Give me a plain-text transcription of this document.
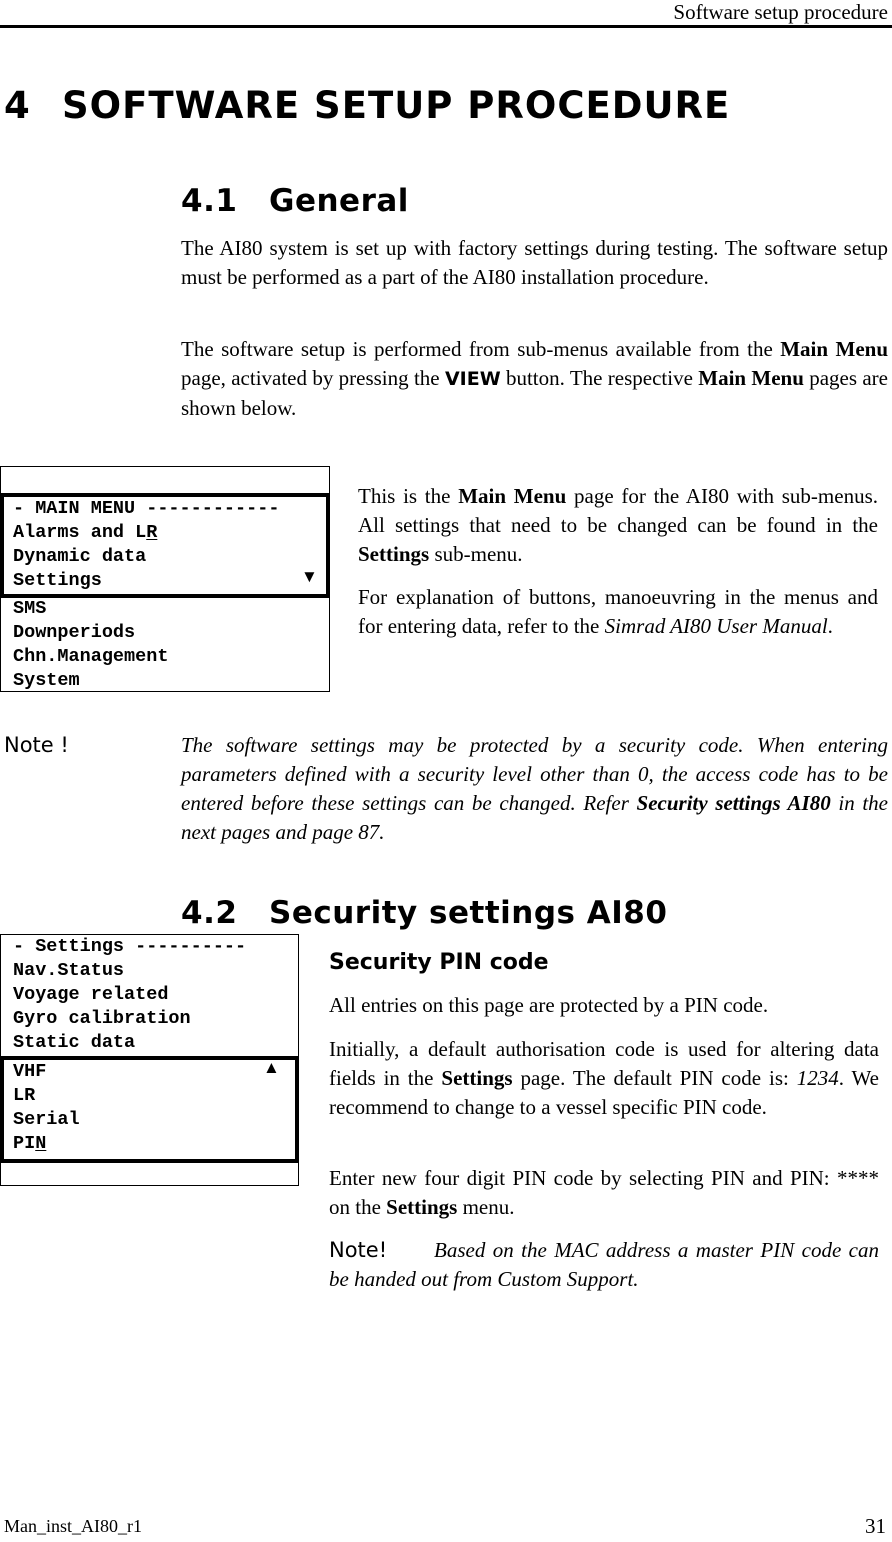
Software setup procedure
4 SOFTWARE SETUP PROCEDURE
4.1 General
The AI80 system is set up with factory settings during testing. The software setup must be performed as a part of the AI80 installation procedure.
The software setup is performed from sub-menus available from the Main Menu page, activated by pressing the VIEW button. The respective Main Menu pages are shown below.
- MAIN MENU ------------
Alarms and LR
Dynamic data
Settings	▼
SMS
Downperiods
Chn.Management
System
This is the Main Menu page for the AI80 with sub-menus. All settings that need to be changed can be found in the Settings sub-menu.
For explanation of buttons, manoeuvring in the menus and for entering data, refer to the Simrad AI80 User Manual.
Note !	The software settings may be protected by a security code. When entering parameters defined with a security level other than 0, the access code has to be entered before these settings can be changed. Refer Security settings AI80 in the next pages and page 87.
4.2 Security settings AI80
- Settings ----------
Nav.Status
Voyage related
Gyro calibration
Static data
VHF	▲
LR
Serial
PIN
Security PIN code
All entries on this page are protected by a PIN code.
Initially, a default authorisation code is used for altering data fields in the Settings page. The default PIN code is: 1234. We recommend to change to a vessel specific PIN code.
Enter new four digit PIN code by selecting PIN and PIN: **** on the Settings menu.
Note! Based on the MAC address a master PIN code can be handed out from Custom Support.
Man_inst_AI80_r1	31
